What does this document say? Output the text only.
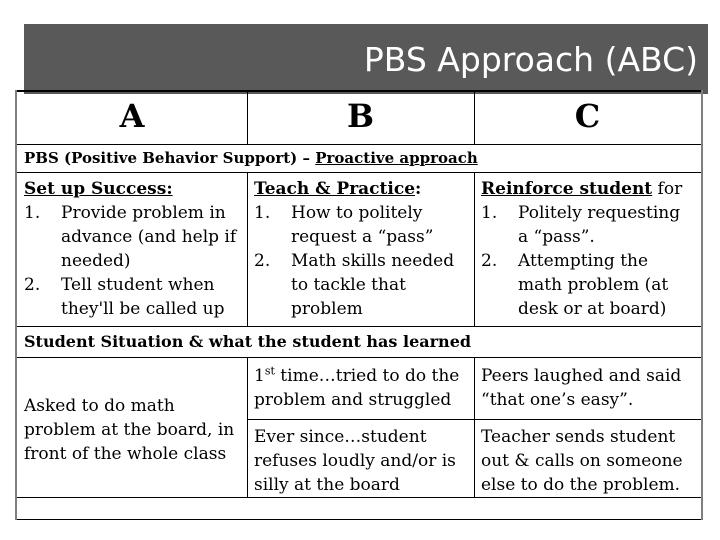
PBS Approach (ABC)
A	B	C
PBS (Positive Behavior Support) – Proactive approach
Set up Success:
1. Provide problem in
advance (and help if
needed)
2. Tell student when
they'll be called up
Teach & Practice:
1. How to politely
request a “pass”
2. Math skills needed
to tackle that
problem
Reinforce student for
1. Politely requesting
a “pass”.
2. Attempting the
math problem (at
desk or at board)
Student Situation & what the student has learned
Asked to do math
problem at the board, in
front of the whole class
1st time…tried to do the
problem and struggled
Peers laughed and said
“that one’s easy”.
Ever since…student
refuses loudly and/or is
silly at the board
Teacher sends student
out & calls on someone
else to do the problem.
